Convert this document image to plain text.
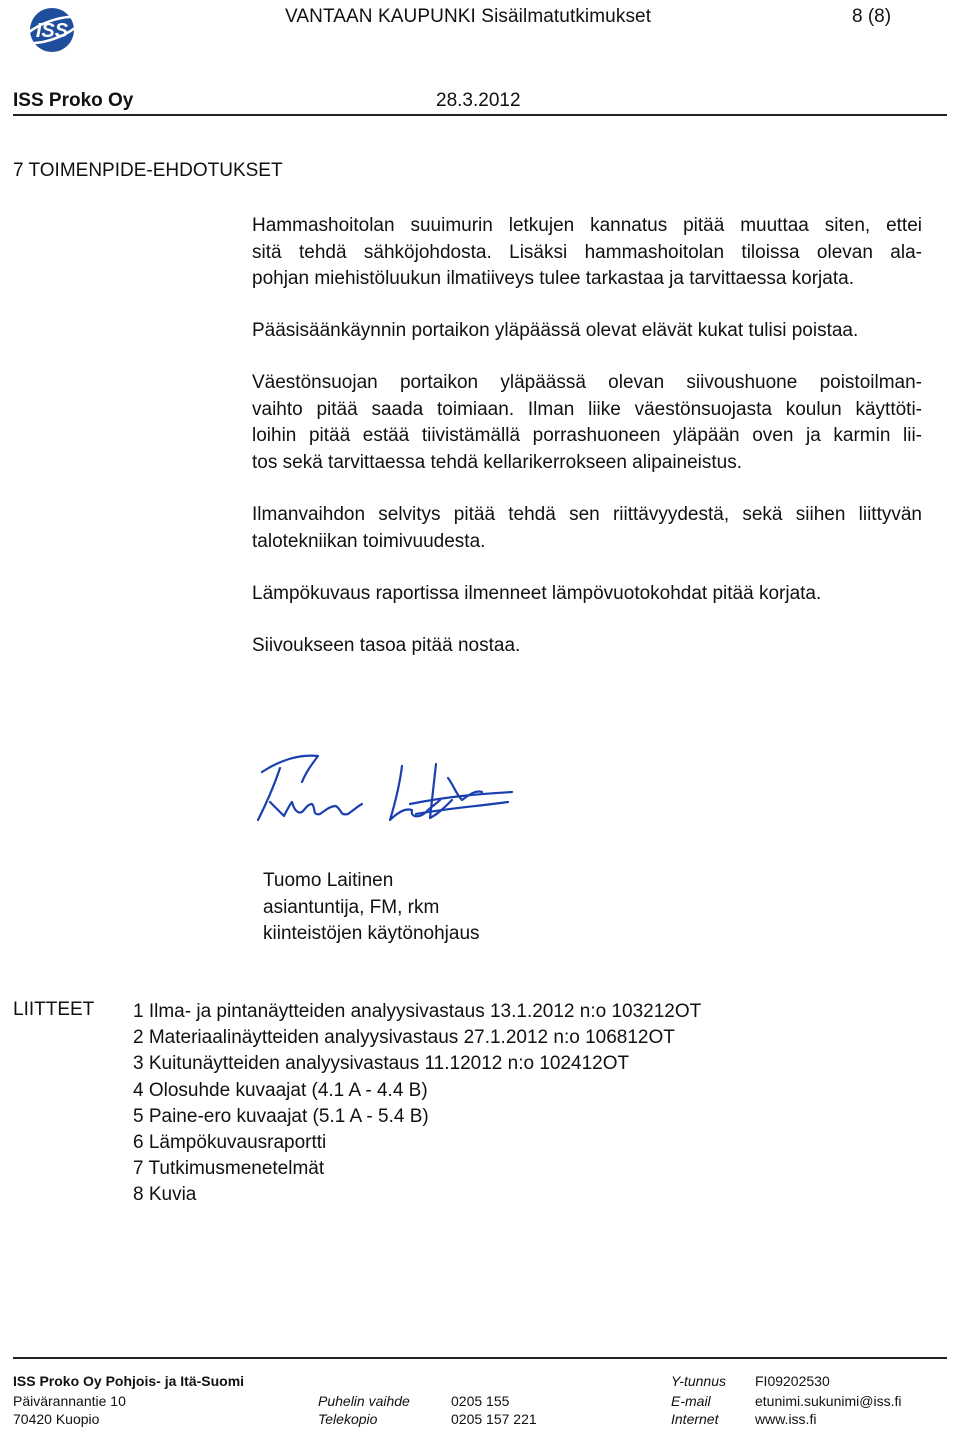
ISS
VANTAAN KAUPUNKI Sisäilmatutkimukset	8 (8)
ISS Proko Oy	28.3.2012
7 TOIMENPIDE-EHDOTUKSET
Hammashoitolan suuimurin letkujen kannatus pitää muuttaa siten, ettei
sitä tehdä sähköjohdosta. Lisäksi hammashoitolan tiloissa olevan ala-
pohjan miehistöluukun ilmatiiveys tulee tarkastaa ja tarvittaessa korjata.
Pääsisäänkäynnin portaikon yläpäässä olevat elävät kukat tulisi poistaa.
Väestönsuojan portaikon yläpäässä olevan siivoushuone poistoilman-
vaihto pitää saada toimiaan. Ilman liike väestönsuojasta koulun käyttöti-
loihin pitää estää tiivistämällä porrashuoneen yläpään oven ja karmin lii-
tos sekä tarvittaessa tehdä kellarikerrokseen alipaineistus.
Ilmanvaihdon selvitys pitää tehdä sen riittävyydestä, sekä siihen liittyvän
talotekniikan toimivuudesta.
Lämpökuvaus raportissa ilmenneet lämpövuotokohdat pitää korjata.
Siivoukseen tasoa pitää nostaa.
Tuomo Laitinen
asiantuntija, FM, rkm
kiinteistöjen käytönohjaus
LIITTEET 1 Ilma- ja pintanäytteiden analyysivastaus 13.1.2012 n:o 103212OT
2 Materiaalinäytteiden analyysivastaus 27.1.2012 n:o 106812OT
3 Kuitunäytteiden analyysivastaus 11.12012 n:o 102412OT
4 Olosuhde kuvaajat (4.1 A - 4.4 B)
5 Paine-ero kuvaajat (5.1 A - 5.4 B)
6 Lämpökuvausraportti
7 Tutkimusmenetelmät
8 Kuvia
ISS Proko Oy Pohjois- ja Itä-Suomi
Päivärannantie 10
70420 Kuopio
Puhelin vaihde	0205 155
Telekopio	0205 157 221
Y-tunnus FI09202530
E-mail	etunimi.sukunimi@iss.fi
Internet	www.iss.fi
